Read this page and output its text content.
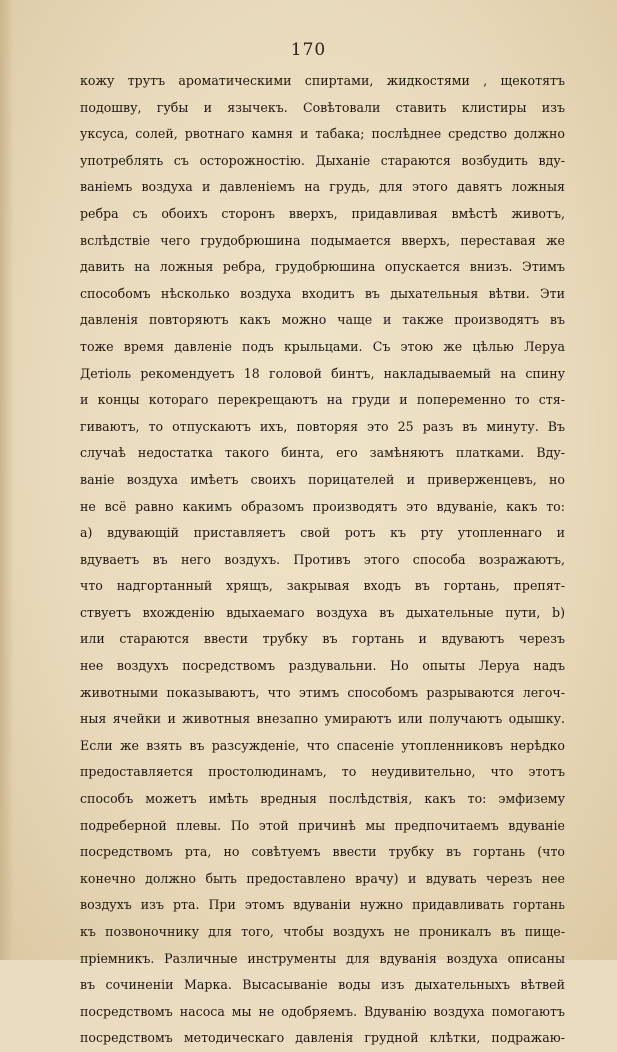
170
кожу трутъ ароматическими спиртами, жидкостями , щекотятъ
подошву, губы и язычекъ. Совѣтовали ставить клистиры изъ
уксуса, солей, рвотнаго камня и табака; послѣднее средство должно
употреблять съ осторожностію. Дыханіе стараются возбудить вду-
ваніемъ воздуха и давленіемъ на грудь, для этого давятъ ложныя
ребра съ обоихъ сторонъ вверхъ, придавливая вмѣстѣ животъ,
вслѣдствіе чего грудобрюшина подымается вверхъ, переставая же
давить на ложныя ребра, грудобрюшина опускается внизъ. Этимъ
способомъ нѣсколько воздуха входитъ въ дыхательныя вѣтви. Эти
давленія повторяютъ какъ можно чаще и также производятъ въ
тоже время давленіе подъ крыльцами. Съ этою же цѣлью Леруа
Детіоль рекомендуетъ 18 головой бинтъ, накладываемый на спину
и концы котораго перекрещаютъ на груди и попеременно то стя-
гиваютъ, то отпускаютъ ихъ, повторяя это 25 разъ въ минуту. Въ
случаѣ недостатка такого бинта, его замѣняютъ платками. Вду-
ваніе воздуха имѣетъ своихъ порицателей и приверженцевъ, но
не всё равно какимъ образомъ производятъ это вдуваніе, какъ то:
а) вдувающій приставляетъ свой ротъ къ рту утопленнаго и
вдуваетъ въ него воздухъ. Противъ этого способа возражаютъ,
что надгортанный хрящъ, закрывая входъ въ гортань, препят-
ствуетъ вхожденію вдыхаемаго воздуха въ дыхательные пути, b)
или стараются ввести трубку въ гортань и вдуваютъ черезъ
нее воздухъ посредствомъ раздувальни. Но опыты Леруа надъ
животными показываютъ, что этимъ способомъ разрываются легоч-
ныя ячейки и животныя внезапно умираютъ или получаютъ одышку.
Если же взять въ разсужденіе, что спасеніе утопленниковъ нерѣдко
предоставляется простолюдинамъ, то неудивительно, что этотъ
способъ можетъ имѣть вредныя послѣдствія, какъ то: эмфизему
подреберной плевы. По этой причинѣ мы предпочитаемъ вдуваніе
посредствомъ рта, но совѣтуемъ ввести трубку въ гортань (что
конечно должно быть предоставлено врачу) и вдувать черезъ нее
воздухъ изъ рта. При этомъ вдуваніи нужно придавливать гортань
къ позвоночнику для того, чтобы воздухъ не проникалъ въ пище-
пріемникъ. Различные инструменты для вдуванія воздуха описаны
въ сочиненіи Марка. Высасываніе воды изъ дыхательныхъ вѣтвей
посредствомъ насоса мы не одобряемъ. Вдуванію воздуха помогаютъ
посредствомъ методическаго давленія грудной клѣтки, подражаю-
